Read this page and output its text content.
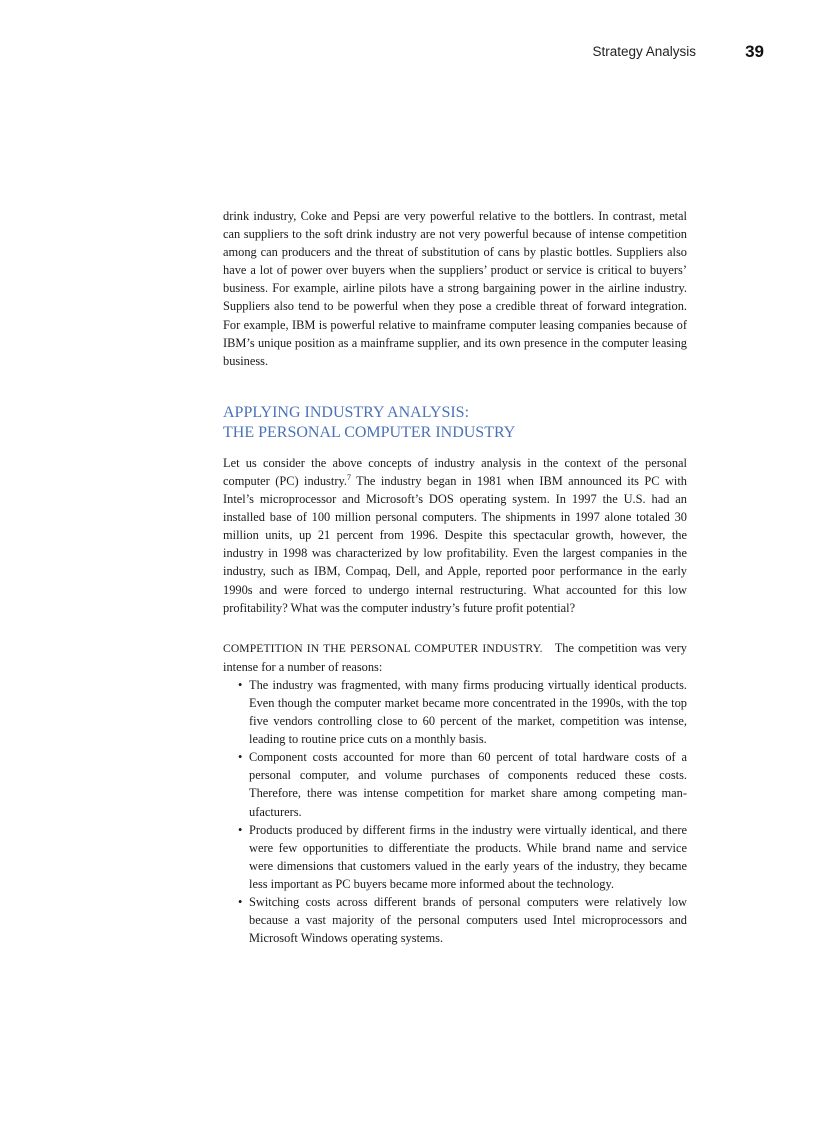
Strategy Analysis	39

drink industry, Coke and Pepsi are very powerful relative to the bottlers. In contrast, metal can suppliers to the soft drink industry are not very powerful because of intense competition among can producers and the threat of substitution of cans by plastic bottles. Suppliers also have a lot of power over buyers when the suppliers’ product or service is critical to buyers’ business. For example, airline pilots have a strong bargaining power in the airline industry. Suppliers also tend to be powerful when they pose a credible threat of forward integration. For example, IBM is powerful relative to mainframe computer leasing companies because of IBM’s unique position as a mainframe supplier, and its own presence in the computer leasing business.

APPLYING INDUSTRY ANALYSIS:
THE PERSONAL COMPUTER INDUSTRY

Let us consider the above concepts of industry analysis in the context of the personal computer (PC) industry.$^7$ The industry began in 1981 when IBM announced its PC with Intel’s microprocessor and Microsoft’s DOS operating system. In 1997 the U.S. had an installed base of 100 million personal computers. The shipments in 1997 alone totaled 30 million units, up 21 percent from 1996. Despite this spectacular growth, however, the industry in 1998 was characterized by low profitability. Even the largest companies in the industry, such as IBM, Compaq, Dell, and Apple, reported poor performance in the early 1990s and were forced to undergo internal restructuring. What accounted for this low profitability? What was the computer industry’s future profit potential?

COMPETITION IN THE PERSONAL COMPUTER INDUSTRY. The competition was very intense for a number of reasons:

• The industry was fragmented, with many firms producing virtually identical products. Even though the computer market became more concentrated in the 1990s, with the top five vendors controlling close to 60 percent of the market, competition was intense, leading to routine price cuts on a monthly basis.
• Component costs accounted for more than 60 percent of total hardware costs of a personal computer, and volume purchases of components reduced these costs. Therefore, there was intense competition for market share among competing manufacturers.
• Products produced by different firms in the industry were virtually identical, and there were few opportunities to differentiate the products. While brand name and service were dimensions that customers valued in the early years of the industry, they became less important as PC buyers became more informed about the technology.
• Switching costs across different brands of personal computers were relatively low because a vast majority of the personal computers used Intel microprocessors and Microsoft Windows operating systems.
